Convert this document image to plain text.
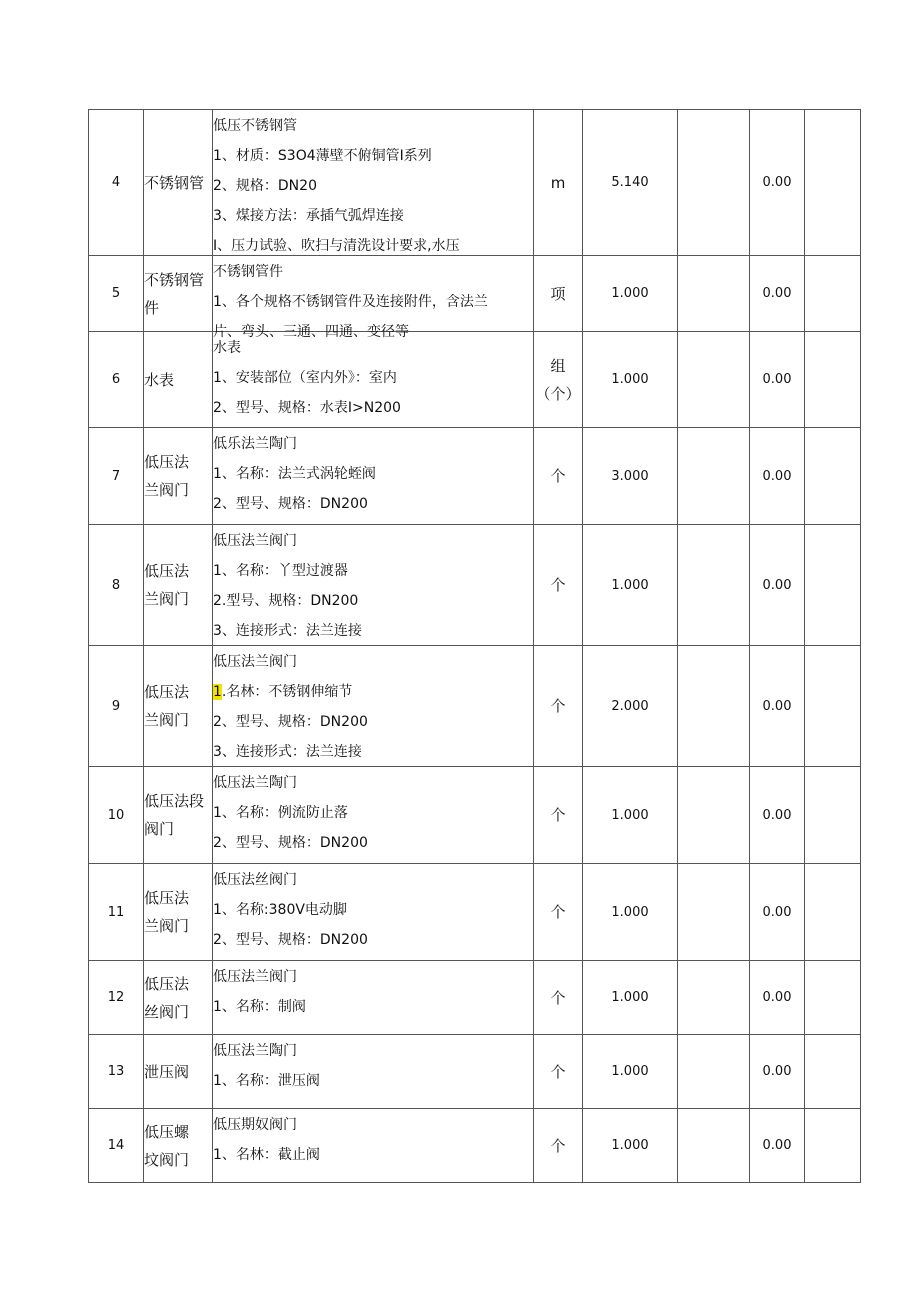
4	不锈钢管	低压不锈钢管
1、材质：S3O4薄壁不俯铜管I系列
2、规格：DN20
3、煤接方法：承插气弧焊连接
I、压力试验、吹扫与清洗设计要求,水压	m	5.140		0.00	
5	不锈钢管
件	不锈钢管件
1、各个规格不锈钢管件及连接附件，含法兰
片、弯头、三通、四通、变径等	项	1.000		0.00	
6	水表	水表
1、安装部位（室内外》：室内
2、型号、规格：水表I>N200	组
（个）	1.000		0.00	
7	低压法
兰阀门	低乐法兰陶门
1、名称：法兰式涡轮蛭阀
2、型号、规格：DN200	个	3.000		0.00	
8	低压法
兰阀门	低压法兰阀门
1、名称：丫型过渡器
2.型号、规格：DN200
3、连接形式：法兰连接	个	1.000		0.00	
9	低压法
兰阀门	低压法兰阀门
1.名林：不锈钢伸缩节
2、型号、规格：DN200
3、连接形式：法兰连接	个	2.000		0.00	
10	低压法段
阀门	低压法兰陶门
1、名称：例流防止落
2、型号、规格：DN200	个	1.000		0.00	
11	低压法
兰阀门	低压法丝阀门
1、名称:380V电动脚
2、型号、规格：DN200	个	1.000		0.00	
12	低压法
丝阀门	低压法兰阀门
1、名称：制阀	个	1.000		0.00	
13	泄压阀	低压法兰陶门
1、名称：泄压阀	个	1.000		0.00	
14	低压螺
坟阀门	低压期奴阀门
1、名林：截止阀	个	1.000		0.00	
